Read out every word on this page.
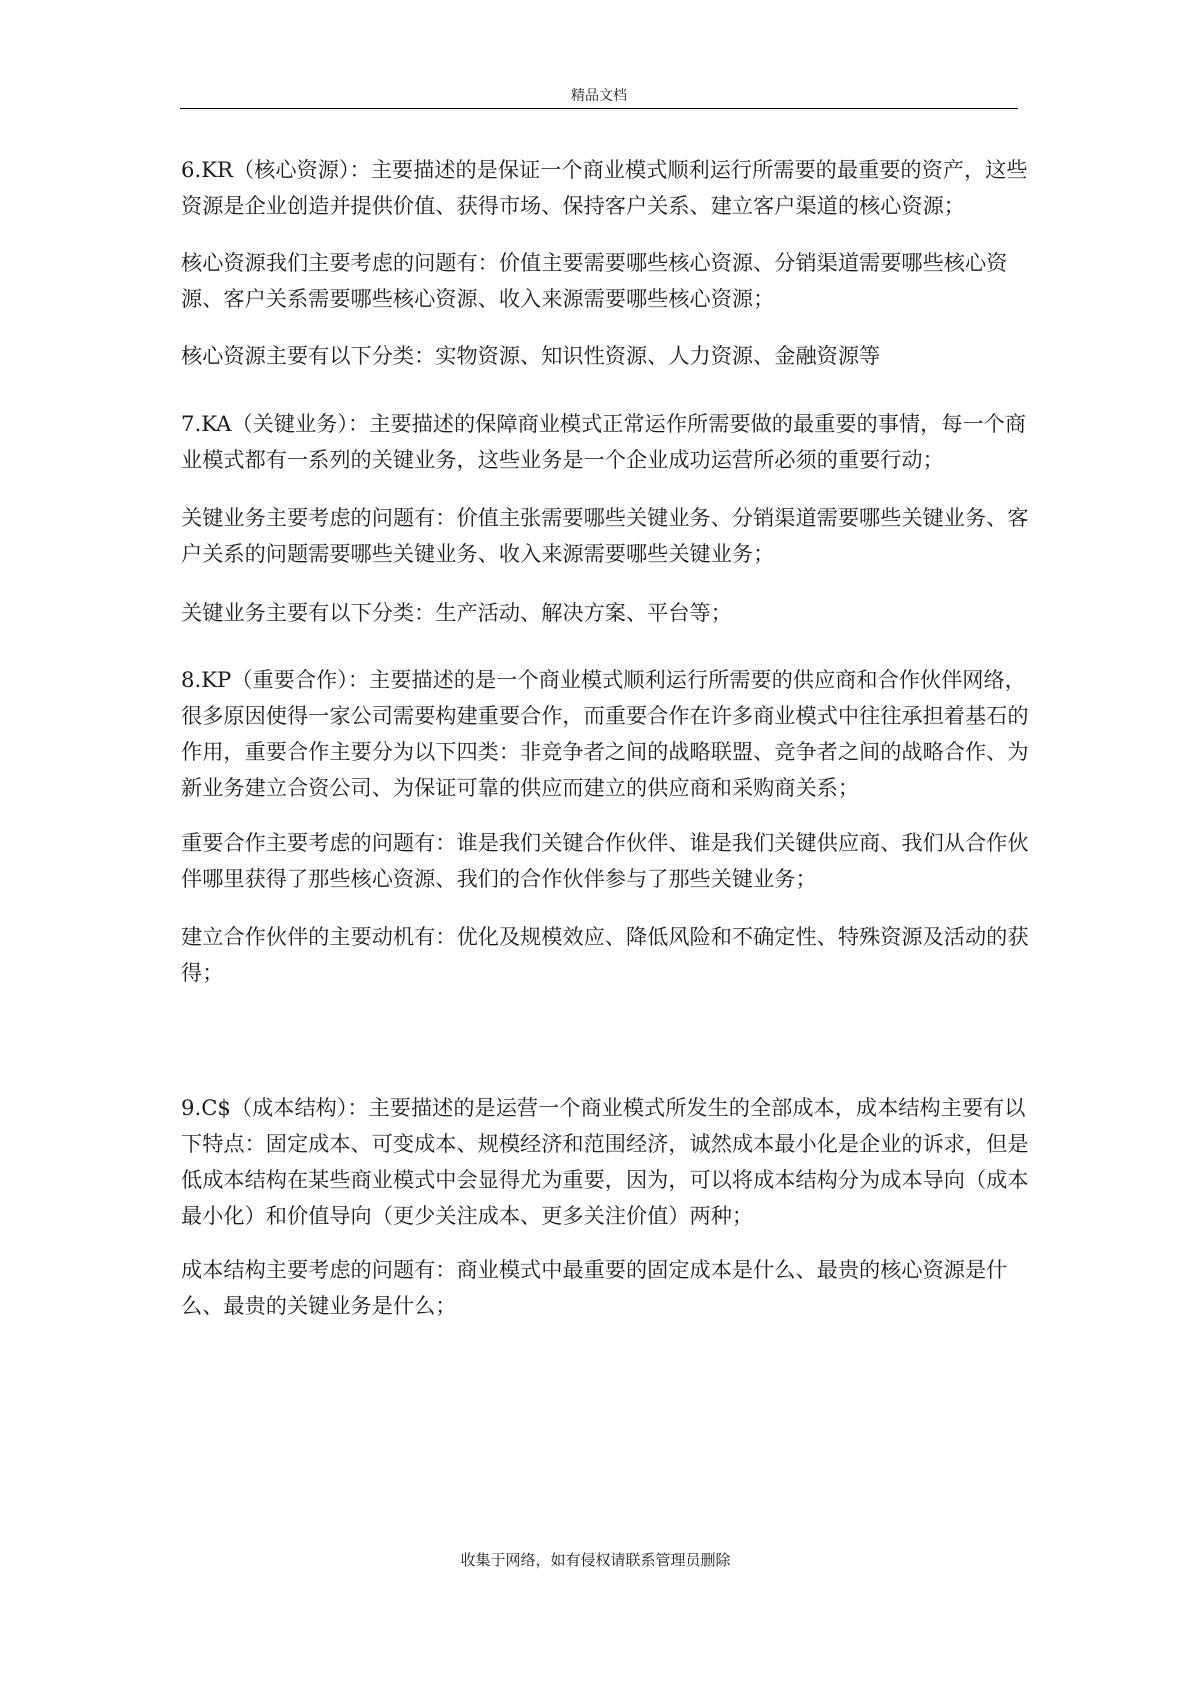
精品文档

6.KR（核心资源）：主要描述的是保证一个商业模式顺利运行所需要的最重要的资产，这些
资源是企业创造并提供价值、获得市场、保持客户关系、建立客户渠道的核心资源；

核心资源我们主要考虑的问题有：价值主要需要哪些核心资源、分销渠道需要哪些核心资
源、客户关系需要哪些核心资源、收入来源需要哪些核心资源；

核心资源主要有以下分类：实物资源、知识性资源、人力资源、金融资源等

7.KA（关键业务）：主要描述的保障商业模式正常运作所需要做的最重要的事情，每一个商
业模式都有一系列的关键业务，这些业务是一个企业成功运营所必须的重要行动；

关键业务主要考虑的问题有：价值主张需要哪些关键业务、分销渠道需要哪些关键业务、客
户关系的问题需要哪些关键业务、收入来源需要哪些关键业务；

关键业务主要有以下分类：生产活动、解决方案、平台等；

8.KP（重要合作）：主要描述的是一个商业模式顺利运行所需要的供应商和合作伙伴网络，
很多原因使得一家公司需要构建重要合作，而重要合作在许多商业模式中往往承担着基石的
作用，重要合作主要分为以下四类：非竞争者之间的战略联盟、竞争者之间的战略合作、为
新业务建立合资公司、为保证可靠的供应而建立的供应商和采购商关系；

重要合作主要考虑的问题有：谁是我们关键合作伙伴、谁是我们关键供应商、我们从合作伙
伴哪里获得了那些核心资源、我们的合作伙伴参与了那些关键业务；

建立合作伙伴的主要动机有：优化及规模效应、降低风险和不确定性、特殊资源及活动的获
得；

9.C$（成本结构）：主要描述的是运营一个商业模式所发生的全部成本，成本结构主要有以
下特点：固定成本、可变成本、规模经济和范围经济，诚然成本最小化是企业的诉求，但是
低成本结构在某些商业模式中会显得尤为重要，因为，可以将成本结构分为成本导向（成本
最小化）和价值导向（更少关注成本、更多关注价值）两种；

成本结构主要考虑的问题有：商业模式中最重要的固定成本是什么、最贵的核心资源是什
么、最贵的关键业务是什么；

收集于网络，如有侵权请联系管理员删除
